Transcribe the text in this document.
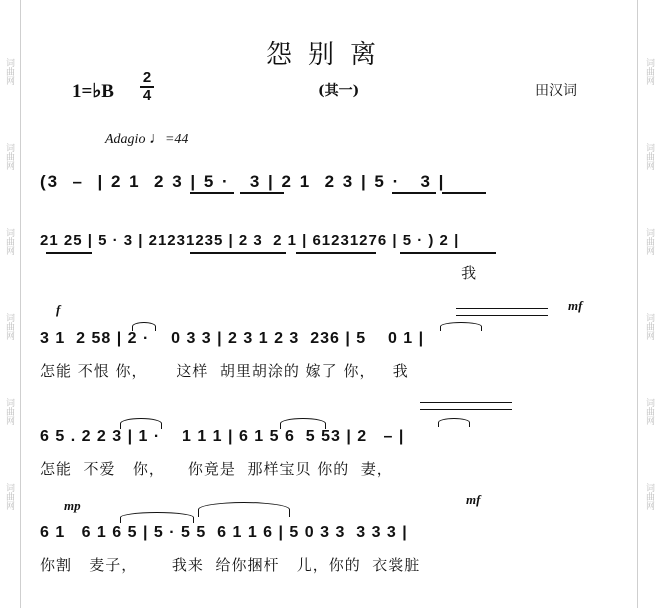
词曲网
词曲网
词曲网
词曲网
词曲网
词曲网
词曲网
词曲网
词曲网
词曲网
词曲网
词曲网
怨别离
1=♭B
2
4	(其一)	田汉词
Adagio ♩=44
(3  –  | 2 1  2 3 | 5 ·   3 | 2 1  2 3 | 5 ·   3 |
21 25 | 5 · 3 | 21231235 | 2 3  2 1 | 61231276 | 5 · ) 2 |
我
f	mf
3 1  2 58 | 2 ·    0 3 3 | 2 3 1 2 3  236 | 5    0 1 |
怎能 不恨 你，     这样  胡里胡涂的 嫁了 你，   我
6 5 . 2 2 3 | 1 ·    1 1 1 | 6 1 5 6  5 53 | 2   – |
怎能  不爱   你，    你竟是  那样宝贝 你的  妻，
mp	mf
6 1   6 1 6 5 | 5 · 5 5  6 1 1 6 | 5 0 3 3  3 3 3 |
你割   麦子，      我来  给你捆杆   儿，你的  衣裳脏
